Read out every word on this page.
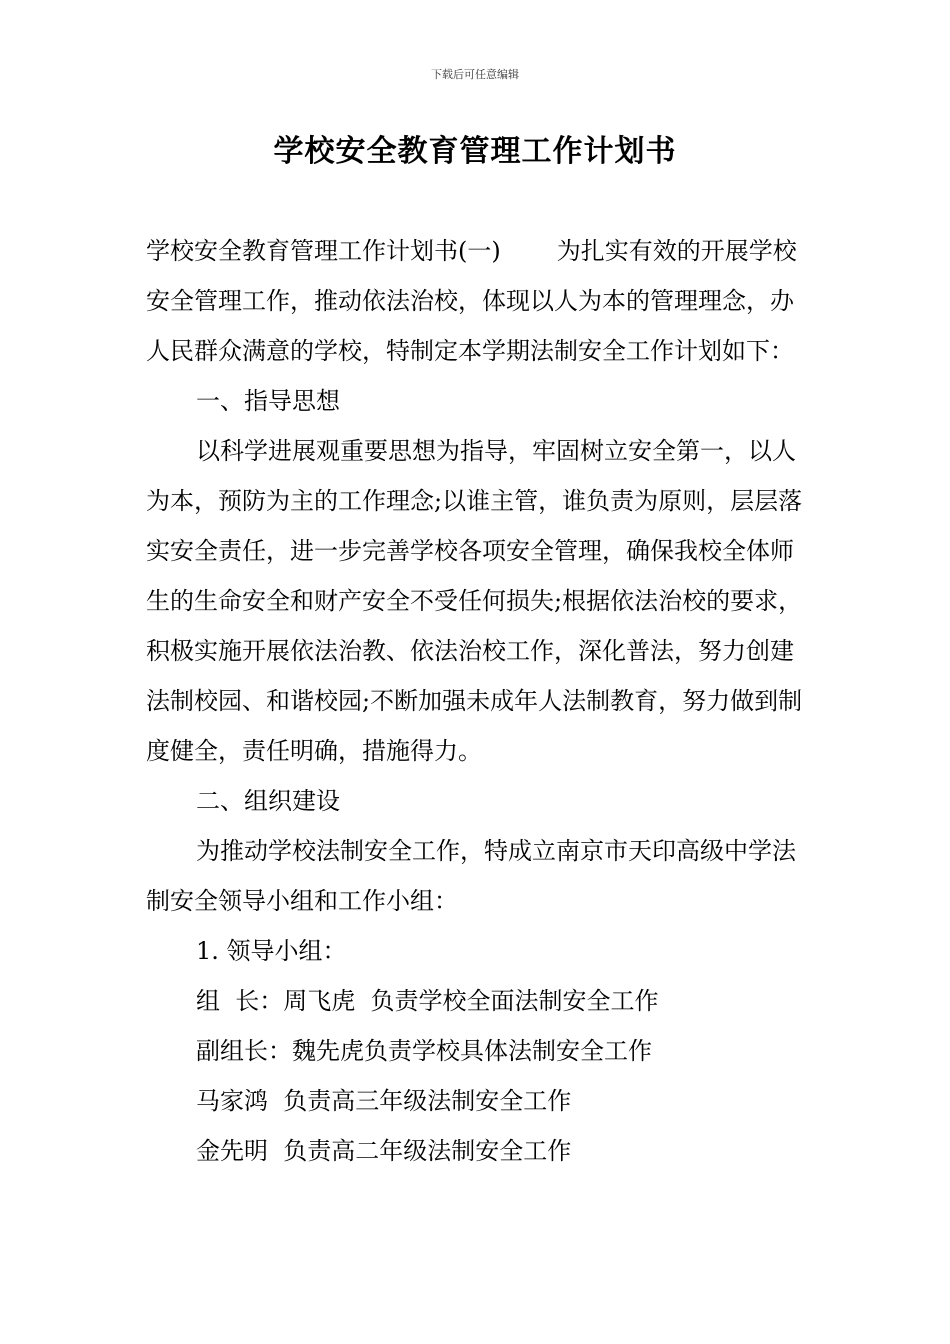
下载后可任意编辑
学校安全教育管理工作计划书

学校安全教育管理工作计划书(一) 为扎实有效的开展学校安全管理工作，推动依法治校，体现以人为本的管理理念，办人民群众满意的学校，特制定本学期法制安全工作计划如下：

一、指导思想

以科学进展观重要思想为指导，牢固树立安全第一，以人为本，预防为主的工作理念;以谁主管，谁负责为原则，层层落实安全责任，进一步完善学校各项安全管理，确保我校全体师生的生命安全和财产安全不受任何损失;根据依法治校的要求，积极实施开展依法治教、依法治校工作，深化普法，努力创建法制校园、和谐校园;不断加强未成年人法制教育，努力做到制度健全，责任明确，措施得力。

二、组织建设

为推动学校法制安全工作，特成立南京市天印高级中学法制安全领导小组和工作小组：

1. 领导小组：

组  长：周飞虎  负责学校全面法制安全工作

副组长：魏先虎负责学校具体法制安全工作

马家鸿  负责高三年级法制安全工作

金先明  负责高二年级法制安全工作
